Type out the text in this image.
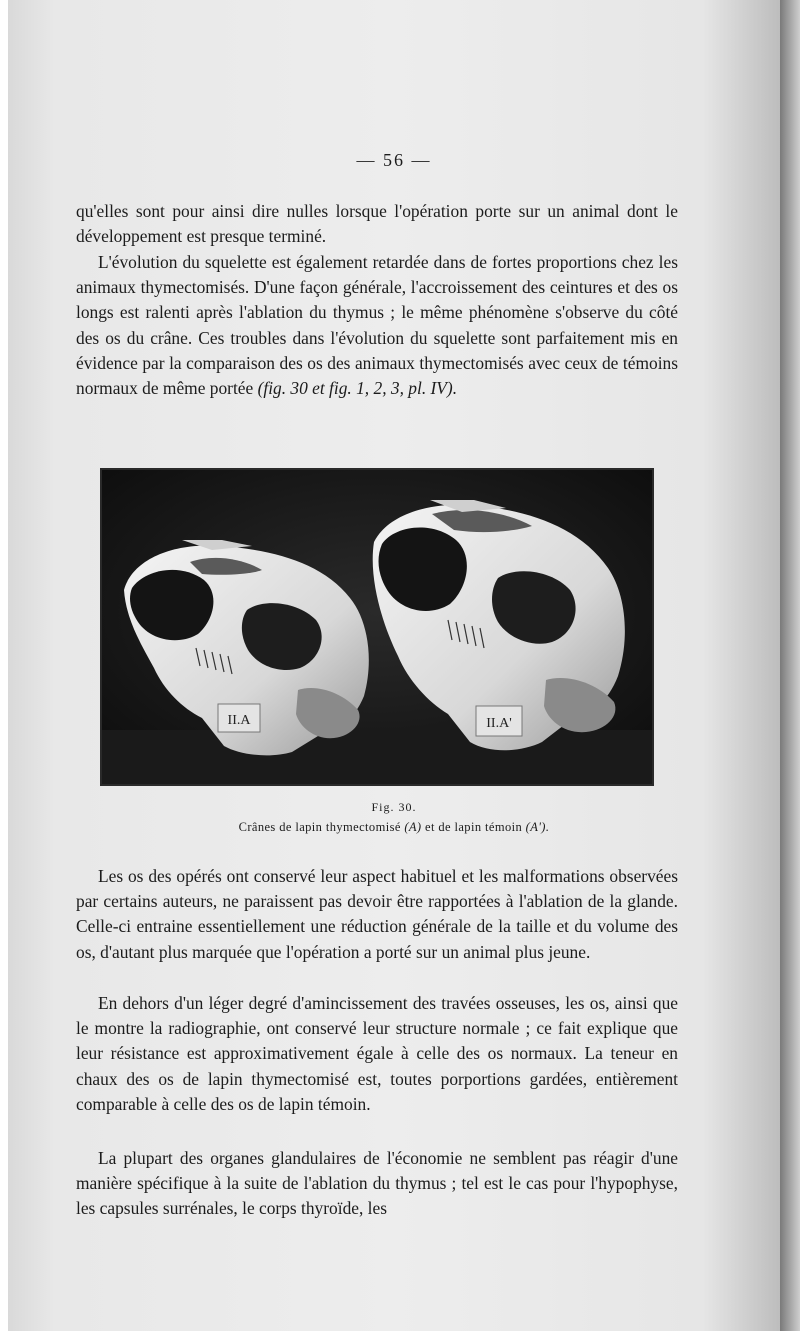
— 56 —

qu'elles sont pour ainsi dire nulles lorsque l'opération porte sur un animal dont le développement est presque terminé.

L'évolution du squelette est également retardée dans de fortes proportions chez les animaux thymectomisés. D'une façon générale, l'accroissement des ceintures et des os longs est ralenti après l'ablation du thymus ; le même phénomène s'observe du côté des os du crâne. Ces troubles dans l'évolution du squelette sont parfaitement mis en évidence par la comparaison des os des animaux thymectomisés avec ceux de témoins normaux de même portée (fig. 30 et fig. 1, 2, 3, pl. IV).

II.A	II.A'
Fig. 30.
Crânes de lapin thymectomisé (A) et de lapin témoin (A').

Les os des opérés ont conservé leur aspect habituel et les malformations observées par certains auteurs, ne paraissent pas devoir être rapportées à l'ablation de la glande. Celle-ci entraine essentiellement une réduction générale de la taille et du volume des os, d'autant plus marquée que l'opération a porté sur un animal plus jeune.

En dehors d'un léger degré d'amincissement des travées osseuses, les os, ainsi que le montre la radiographie, ont conservé leur structure normale ; ce fait explique que leur résistance est approximativement égale à celle des os normaux. La teneur en chaux des os de lapin thymectomisé est, toutes porportions gardées, entièrement comparable à celle des os de lapin témoin.

La plupart des organes glandulaires de l'économie ne semblent pas réagir d'une manière spécifique à la suite de l'ablation du thymus ; tel est le cas pour l'hypophyse, les capsules surrénales, le corps thyroïde, les
